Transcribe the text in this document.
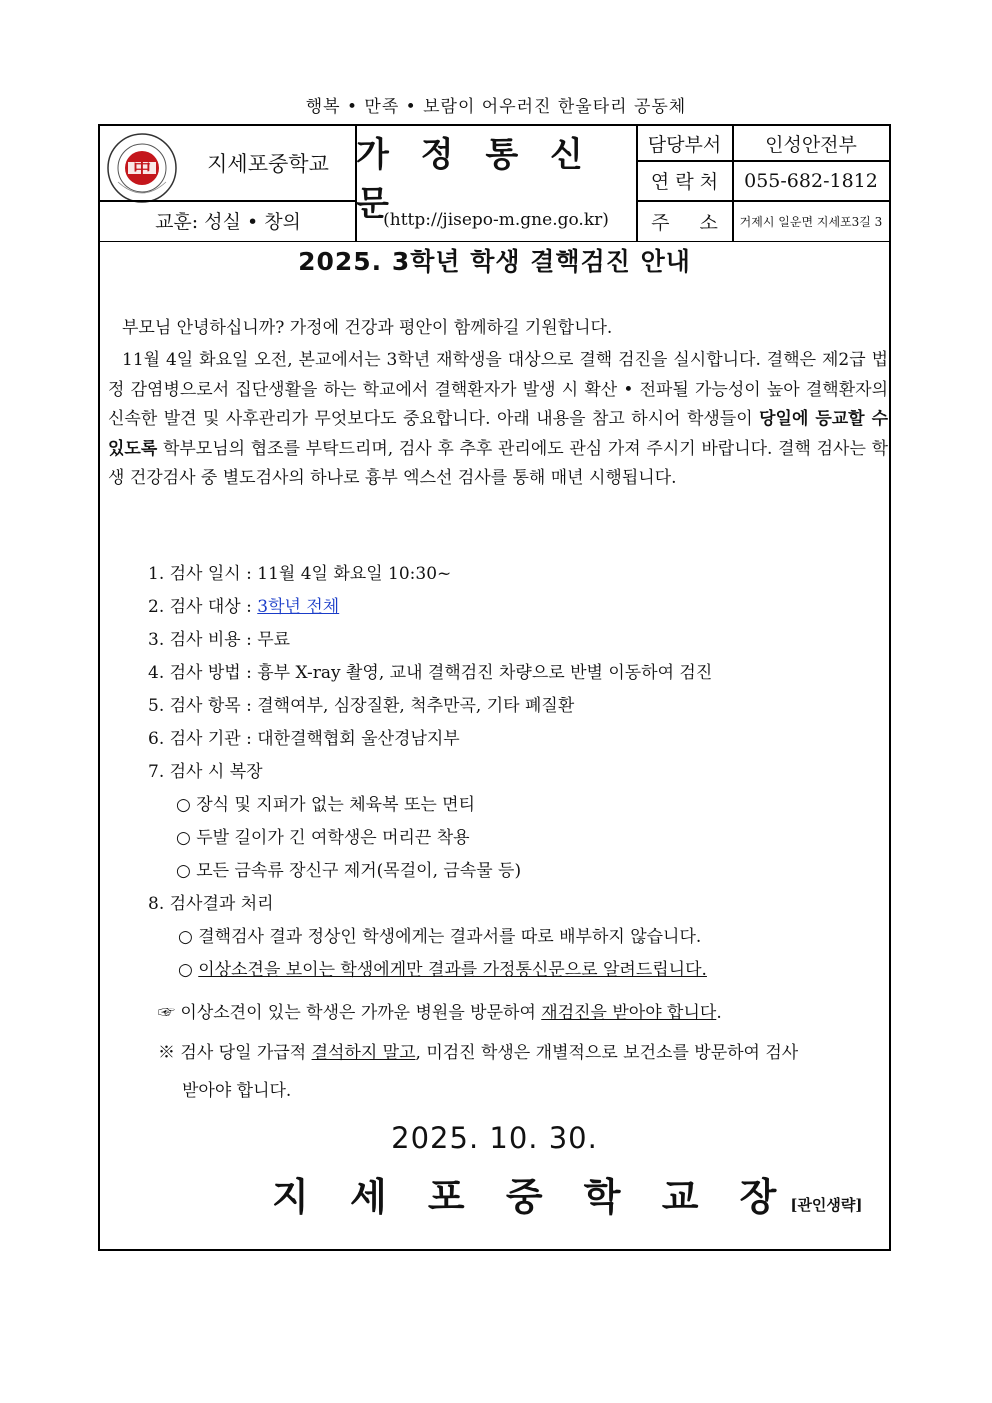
행복 • 만족 • 보람이 어우러진 한울타리 공동체
中	지세포중학교 가 정 통 신 문
(http://jisepo-m.gne.go.kr)
교훈: 성실 • 창의
담당부서	인성안전부
연 락 처	055-682-1812
주 소	거제시 일운면 지세포3길 3
2025. 3학년 학생 결핵검진 안내
부모님 안녕하십니까? 가정에 건강과 평안이 함께하길 기원합니다.
11월 4일 화요일 오전, 본교에서는 3학년 재학생을 대상으로 결핵 검진을 실시합니다. 결핵은 제2급 법정 감염병으로서 집단생활을 하는 학교에서 결핵환자가 발생 시 확산 • 전파될 가능성이 높아 결핵환자의 신속한 발견 및 사후관리가 무엇보다도 중요합니다. 아래 내용을 참고 하시어 학생들이 당일에 등교할 수 있도록 학부모님의 협조를 부탁드리며, 검사 후 추후 관리에도 관심 가져 주시기 바랍니다. 결핵 검사는 학생 건강검사 중 별도검사의 하나로 흉부 엑스선 검사를 통해 매년 시행됩니다.
1. 검사 일시 : 11월 4일 화요일 10:30~
2. 검사 대상 : 3학년 전체
3. 검사 비용 : 무료
4. 검사 방법 : 흉부 X-ray 촬영, 교내 결핵검진 차량으로 반별 이동하여 검진
5. 검사 항목 : 결핵여부, 심장질환, 척추만곡, 기타 폐질환
6. 검사 기관 : 대한결핵협회 울산경남지부
7. 검사 시 복장
○ 장식 및 지퍼가 없는 체육복 또는 면티
○ 두발 길이가 긴 여학생은 머리끈 착용
○ 모든 금속류 장신구 제거(목걸이, 금속물 등)
8. 검사결과 처리
○ 결핵검사 결과 정상인 학생에게는 결과서를 따로 배부하지 않습니다.
○ 이상소견을 보이는 학생에게만 결과를 가정통신문으로 알려드립니다.
☞ 이상소견이 있는 학생은 가까운 병원을 방문하여 재검진을 받아야 합니다.
※ 검사 당일 가급적 결석하지 말고, 미검진 학생은 개별적으로 보건소를 방문하여 검사
받아야 합니다.
2025. 10. 30.
지 세 포 중 학 교 장[관인생략]
